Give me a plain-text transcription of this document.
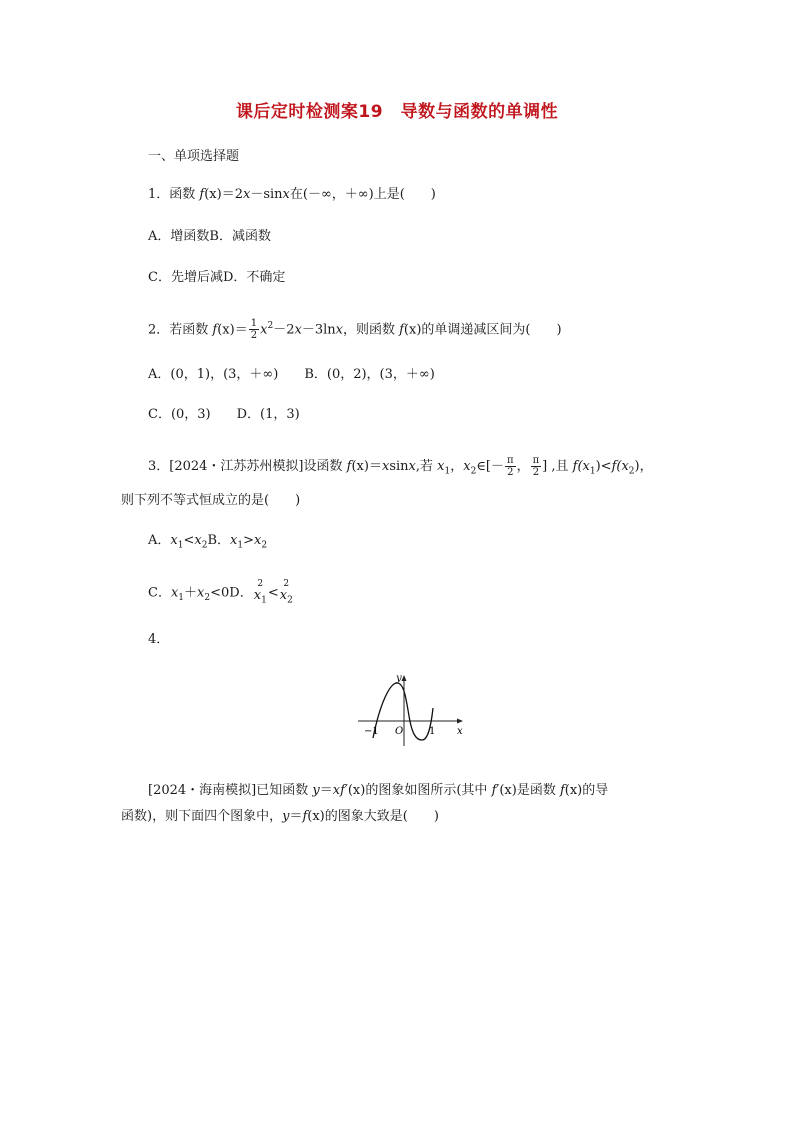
课后定时检测案19　导数与函数的单调性
一、单项选择题
1．函数 f(x)＝2x－sinx在(－∞，＋∞)上是(　　)
A．增函数B．减函数
C．先增后减D．不确定
2．若函数 $f(x)= \frac{1}{2} x^2-2x-3\ln x$，则函数 f(x)的单调递减区间为(　　)
A．(0，1)，(3，＋∞)　　B．(0，2)，(3，＋∞)
C．(0，3)　　D．(1，3)
3．[2024・江苏苏州模拟]设函数 f(x)＝xsinx,若 $x_1$，$x_2\in[- \frac{\pi}{2}$ ， $\frac{\pi}{2}$ ] ,且 $f(x_1)<f(x_2)$，
则下列不等式恒成立的是(　　)
A．$x_1<x_2B$．$x_1>x_2$
C．$x_1+x_2<0D$．
2
$x_1$
<
2
$x_2$
4．
y
x
O
−1	1
[2024・海南模拟]已知函数 y＝xf′(x)的图象如图所示(其中 f′(x)是函数 f(x)的导
函数)，则下面四个图象中，y＝f(x)的图象大致是(　　)
